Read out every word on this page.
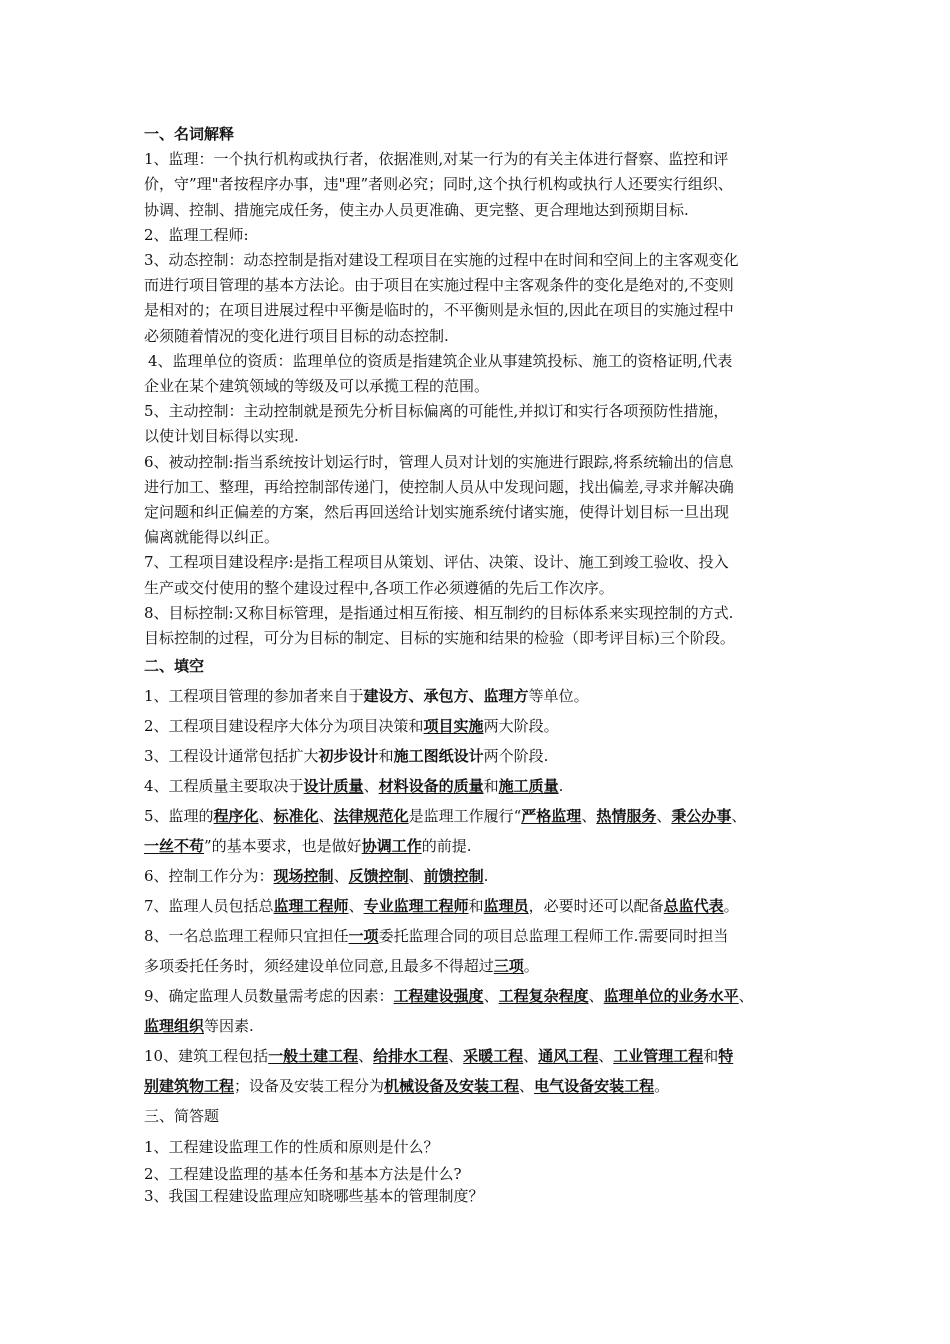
一、名词解释

1、监理：一个执行机构或执行者，依据准则,对某一行为的有关主体进行督察、监控和评

价，守”理"者按程序办事，违"理”者则必究；同时,这个执行机构或执行人还要实行组织、

协调、控制、措施完成任务，使主办人员更准确、更完整、更合理地达到预期目标.

2、监理工程师:

3、动态控制：动态控制是指对建设工程项目在实施的过程中在时间和空间上的主客观变化

而进行项目管理的基本方法论。由于项目在实施过程中主客观条件的变化是绝对的,不变则

是相对的；在项目进展过程中平衡是临时的，不平衡则是永恒的,因此在项目的实施过程中

必须随着情况的变化进行项目目标的动态控制.

4、监理单位的资质：监理单位的资质是指建筑企业从事建筑投标、施工的资格证明,代表

企业在某个建筑领域的等级及可以承揽工程的范围。

5、主动控制：主动控制就是预先分析目标偏离的可能性,并拟订和实行各项预防性措施，

以使计划目标得以实现.

6、被动控制:指当系统按计划运行时，管理人员对计划的实施进行跟踪,将系统输出的信息

进行加工、整理，再给控制部传递门，使控制人员从中发现问题，找出偏差,寻求并解决确

定问题和纠正偏差的方案，然后再回送给计划实施系统付诸实施，使得计划目标一旦出现

偏离就能得以纠正。

7、工程项目建设程序:是指工程项目从策划、评估、决策、设计、施工到竣工验收、投入

生产或交付使用的整个建设过程中,各项工作必须遵循的先后工作次序。

8、目标控制:又称目标管理，是指通过相互衔接、相互制约的目标体系来实现控制的方式.

目标控制的过程，可分为目标的制定、目标的实施和结果的检验（即考评目标)三个阶段。

二、填空

1、工程项目管理的参加者来自于建设方、承包方、监理方等单位。

2、工程项目建设程序大体分为项目决策和项目实施两大阶段。

3、工程设计通常包括扩大初步设计和施工图纸设计两个阶段.

4、工程质量主要取决于设计质量、材料设备的质量和施工质量.

5、监理的程序化、标准化、法律规范化是监理工作履行“严格监理、热情服务、秉公办事、

一丝不苟”的基本要求，也是做好协调工作的前提.

6、控制工作分为：现场控制、反馈控制、前馈控制.

7、监理人员包括总监理工程师、专业监理工程师和监理员，必要时还可以配备总监代表。

8、一名总监理工程师只宜担任一项委托监理合同的项目总监理工程师工作.需要同时担当

多项委托任务时，须经建设单位同意,且最多不得超过三项。

9、确定监理人员数量需考虑的因素：工程建设强度、工程复杂程度、监理单位的业务水平、

监理组织等因素.

10、建筑工程包括一般土建工程、给排水工程、采暖工程、通风工程、工业管理工程和特

别建筑物工程；设备及安装工程分为机械设备及安装工程、电气设备安装工程。

三、简答题

1、工程建设监理工作的性质和原则是什么？

2、工程建设监理的基本任务和基本方法是什么?

3、我国工程建设监理应知晓哪些基本的管理制度？
